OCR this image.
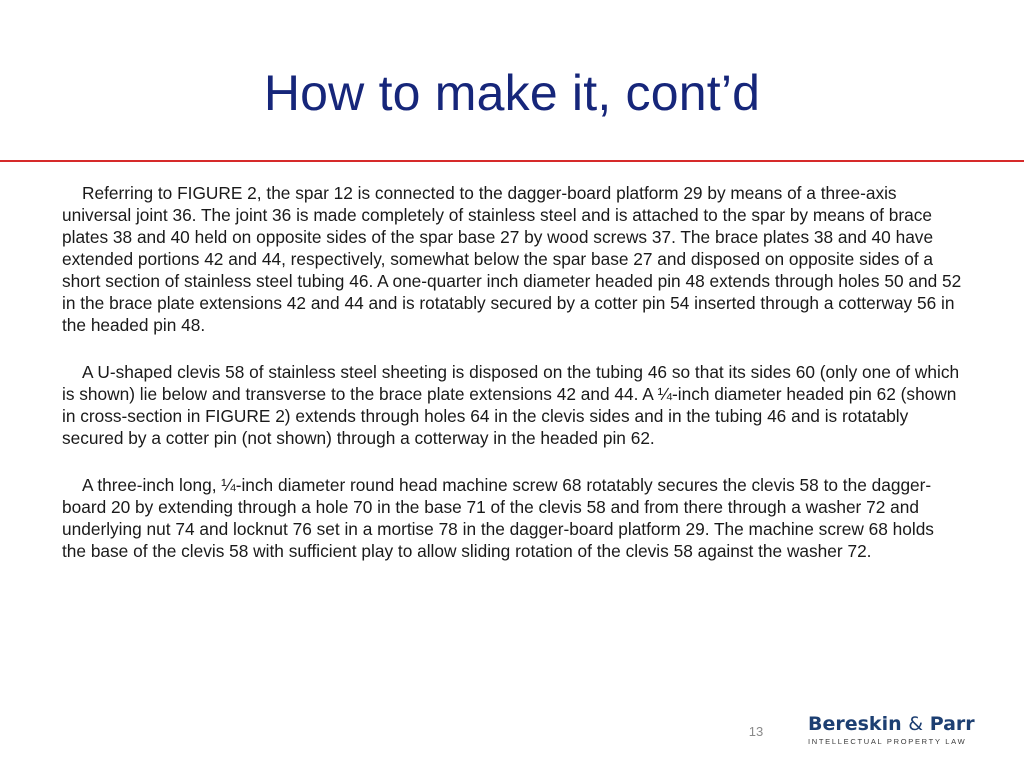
How to make it, cont’d

Referring to FIGURE 2, the spar 12 is connected to the dagger-board platform 29 by means of a three-axis universal joint 36. The joint 36 is made completely of stainless steel and is attached to the spar by means of brace plates 38 and 40 held on opposite sides of the spar base 27 by wood screws 37. The brace plates 38 and 40 have extended portions 42 and 44, respectively, somewhat below the spar base 27 and disposed on opposite sides of a short section of stainless steel tubing 46. A one-quarter inch diameter headed pin 48 extends through holes 50 and 52 in the brace plate extensions 42 and 44 and is rotatably secured by a cotter pin 54 inserted through a cotterway 56 in the headed pin 48.

A U-shaped clevis 58 of stainless steel sheeting is disposed on the tubing 46 so that its sides 60 (only one of which is shown) lie below and transverse to the brace plate extensions 42 and 44. A ¼-inch diameter headed pin 62 (shown in cross-section in FIGURE 2) extends through holes 64 in the clevis sides and in the tubing 46 and is rotatably secured by a cotter pin (not shown) through a cotterway in the headed pin 62.

A three-inch long, ¼-inch diameter round head machine screw 68 rotatably secures the clevis 58 to the dagger-board 20 by extending through a hole 70 in the base 71 of the clevis 58 and from there through a washer 72 and underlying nut 74 and locknut 76 set in a mortise 78 in the dagger-board platform 29. The machine screw 68 holds the base of the clevis 58 with sufficient play to allow sliding rotation of the clevis 58 against the washer 72.

13	Bereskin & Parr
INTELLECTUAL PROPERTY LAW
